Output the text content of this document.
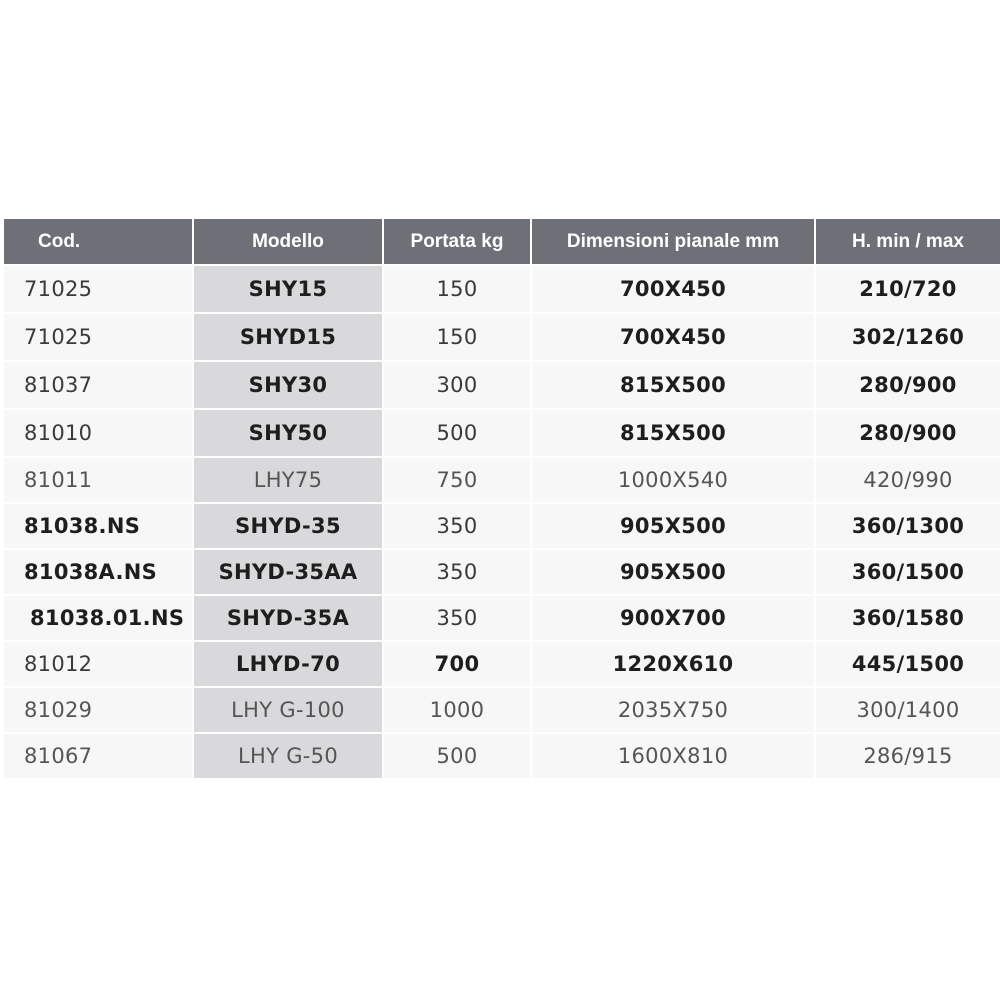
Cod.	Modello	Portata kg	Dimensioni pianale mm	H. min / max
71025	SHY15	150	700X450	210/720
71025	SHYD15	150	700X450	302/1260
81037	SHY30	300	815X500	280/900
81010	SHY50	500	815X500	280/900
81011	LHY75	750	1000X540	420/990
81038.NS	SHYD-35	350	905X500	360/1300
81038A.NS	SHYD-35AA	350	905X500	360/1500
81038.01.NS	SHYD-35A	350	900X700	360/1580
81012	LHYD-70	700	1220X610	445/1500
81029	LHY G-100	1000	2035X750	300/1400
81067	LHY G-50	500	1600X810	286/915
